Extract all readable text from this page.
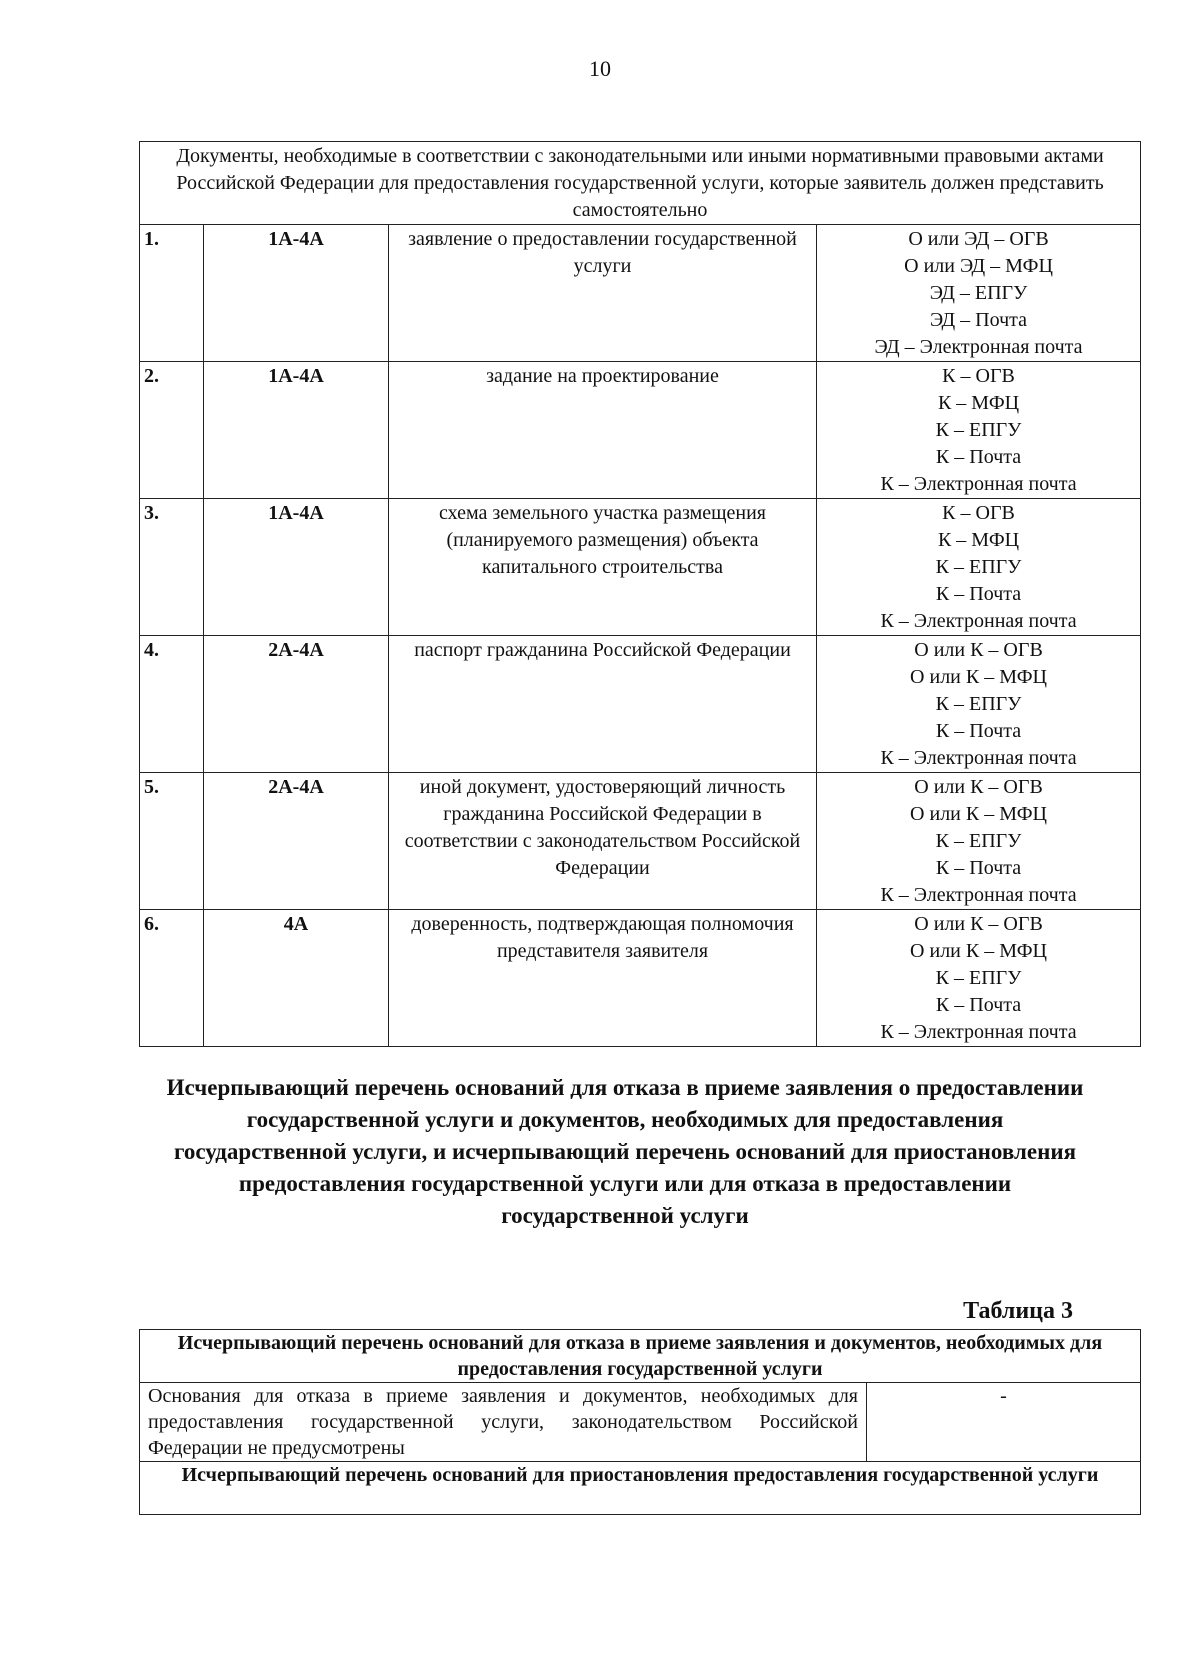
10
Документы, необходимые в соответствии с законодательными или иными нормативными правовыми актами Российской Федерации для предоставления государственной услуги, которые заявитель должен представить самостоятельно			
1.	1А-4А	заявление о предоставлении государственной услуги	О или ЭД – ОГВ
О или ЭД – МФЦ
ЭД – ЕПГУ
ЭД – Почта
ЭД – Электронная почта

2.	1А-4А	задание на проектирование	К – ОГВ
К – МФЦ
К – ЕПГУ
К – Почта
К – Электронная почта

3.	1А-4А	схема земельного участка размещения (планируемого размещения) объекта капитального строительства	К – ОГВ
К – МФЦ
К – ЕПГУ
К – Почта
К – Электронная почта

4.	2А-4А	паспорт гражданина Российской Федерации	О или К – ОГВ
О или К – МФЦ
К – ЕПГУ
К – Почта
К – Электронная почта

5.	2А-4А	иной документ, удостоверяющий личность гражданина Российской Федерации в соответствии с законодательством Российской Федерации	О или К – ОГВ
О или К – МФЦ
К – ЕПГУ
К – Почта
К – Электронная почта

6.	4А	доверенность, подтверждающая полномочия представителя заявителя	О или К – ОГВ
О или К – МФЦ
К – ЕПГУ
К – Почта
К – Электронная почта
Исчерпывающий перечень оснований для отказа в приеме заявления о предоставлении государственной услуги и документов, необходимых для предоставления государственной услуги, и исчерпывающий перечень оснований для приостановления предоставления государственной услуги или для отказа в предоставлении государственной услуги
Таблица 3
Исчерпывающий перечень оснований для отказа в приеме заявления и документов, необходимых для предоставления государственной услуги
Основания для отказа в приеме заявления и документов, необходимых для предоставления государственной услуги, законодательством Российской Федерации не предусмотрены	-
Исчерпывающий перечень оснований для приостановления предоставления государственной услуги
